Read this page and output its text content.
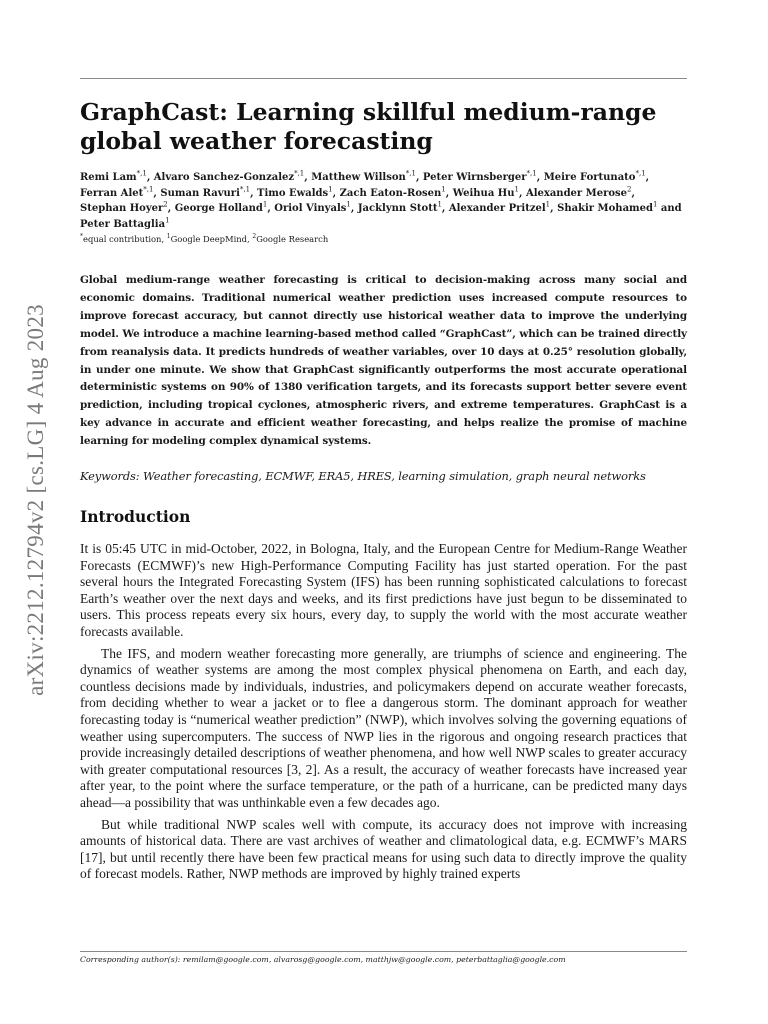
arXiv:2212.12794v2 [cs.LG] 4 Aug 2023
GraphCast: Learning skillful medium-range
global weather forecasting
Remi Lam$^{*,1}$, Alvaro Sanchez-Gonzalez$^{*,1}$, Matthew Willson$^{*,1}$, Peter Wirnsberger$^{*,1}$, Meire Fortunato$^{*,1}$, Ferran Alet$^{*,1}$, Suman Ravuri$^{*,1}$, Timo Ewalds$^1$, Zach Eaton-Rosen$^1$, Weihua Hu$^1$, Alexander Merose$^2$, Stephan Hoyer$^2$, George Holland$^1$, Oriol Vinyals$^1$, Jacklynn Stott$^1$, Alexander Pritzel$^1$, Shakir Mohamed$^1$ and Peter Battaglia$^1$
*equal contribution, $^1$Google DeepMind, $^2$Google Research
Global medium-range weather forecasting is critical to decision-making across many social and economic domains. Traditional numerical weather prediction uses increased compute resources to improve forecast accuracy, but cannot directly use historical weather data to improve the underlying model. We introduce a machine learning-based method called “GraphCast”, which can be trained directly from reanalysis data. It predicts hundreds of weather variables, over 10 days at 0.25° resolution globally, in under one minute. We show that GraphCast significantly outperforms the most accurate operational deterministic systems on 90% of 1380 verification targets, and its forecasts support better severe event prediction, including tropical cyclones, atmospheric rivers, and extreme temperatures. GraphCast is a key advance in accurate and efficient weather forecasting, and helps realize the promise of machine learning for modeling complex dynamical systems.
Keywords: Weather forecasting, ECMWF, ERA5, HRES, learning simulation, graph neural networks
Introduction

It is 05:45 UTC in mid-October, 2022, in Bologna, Italy, and the European Centre for Medium-Range Weather Forecasts (ECMWF)’s new High-Performance Computing Facility has just started operation. For the past several hours the Integrated Forecasting System (IFS) has been running sophisticated calculations to forecast Earth’s weather over the next days and weeks, and its first predictions have just begun to be disseminated to users. This process repeats every six hours, every day, to supply the world with the most accurate weather forecasts available.

The IFS, and modern weather forecasting more generally, are triumphs of science and engineering. The dynamics of weather systems are among the most complex physical phenomena on Earth, and each day, countless decisions made by individuals, industries, and policymakers depend on accurate weather forecasts, from deciding whether to wear a jacket or to flee a dangerous storm. The dominant approach for weather forecasting today is “numerical weather prediction” (NWP), which involves solving the governing equations of weather using supercomputers. The success of NWP lies in the rigorous and ongoing research practices that provide increasingly detailed descriptions of weather phenomena, and how well NWP scales to greater accuracy with greater computational resources [3, 2]. As a result, the accuracy of weather forecasts have increased year after year, to the point where the surface temperature, or the path of a hurricane, can be predicted many days ahead—a possibility that was unthinkable even a few decades ago.

But while traditional NWP scales well with compute, its accuracy does not improve with increasing amounts of historical data. There are vast archives of weather and climatological data, e.g. ECMWF’s MARS [17], but until recently there have been few practical means for using such data to directly improve the quality of forecast models. Rather, NWP methods are improved by highly trained experts

Corresponding author(s): remilam@google.com, alvarosg@google.com, matthjw@google.com, peterbattaglia@google.com
